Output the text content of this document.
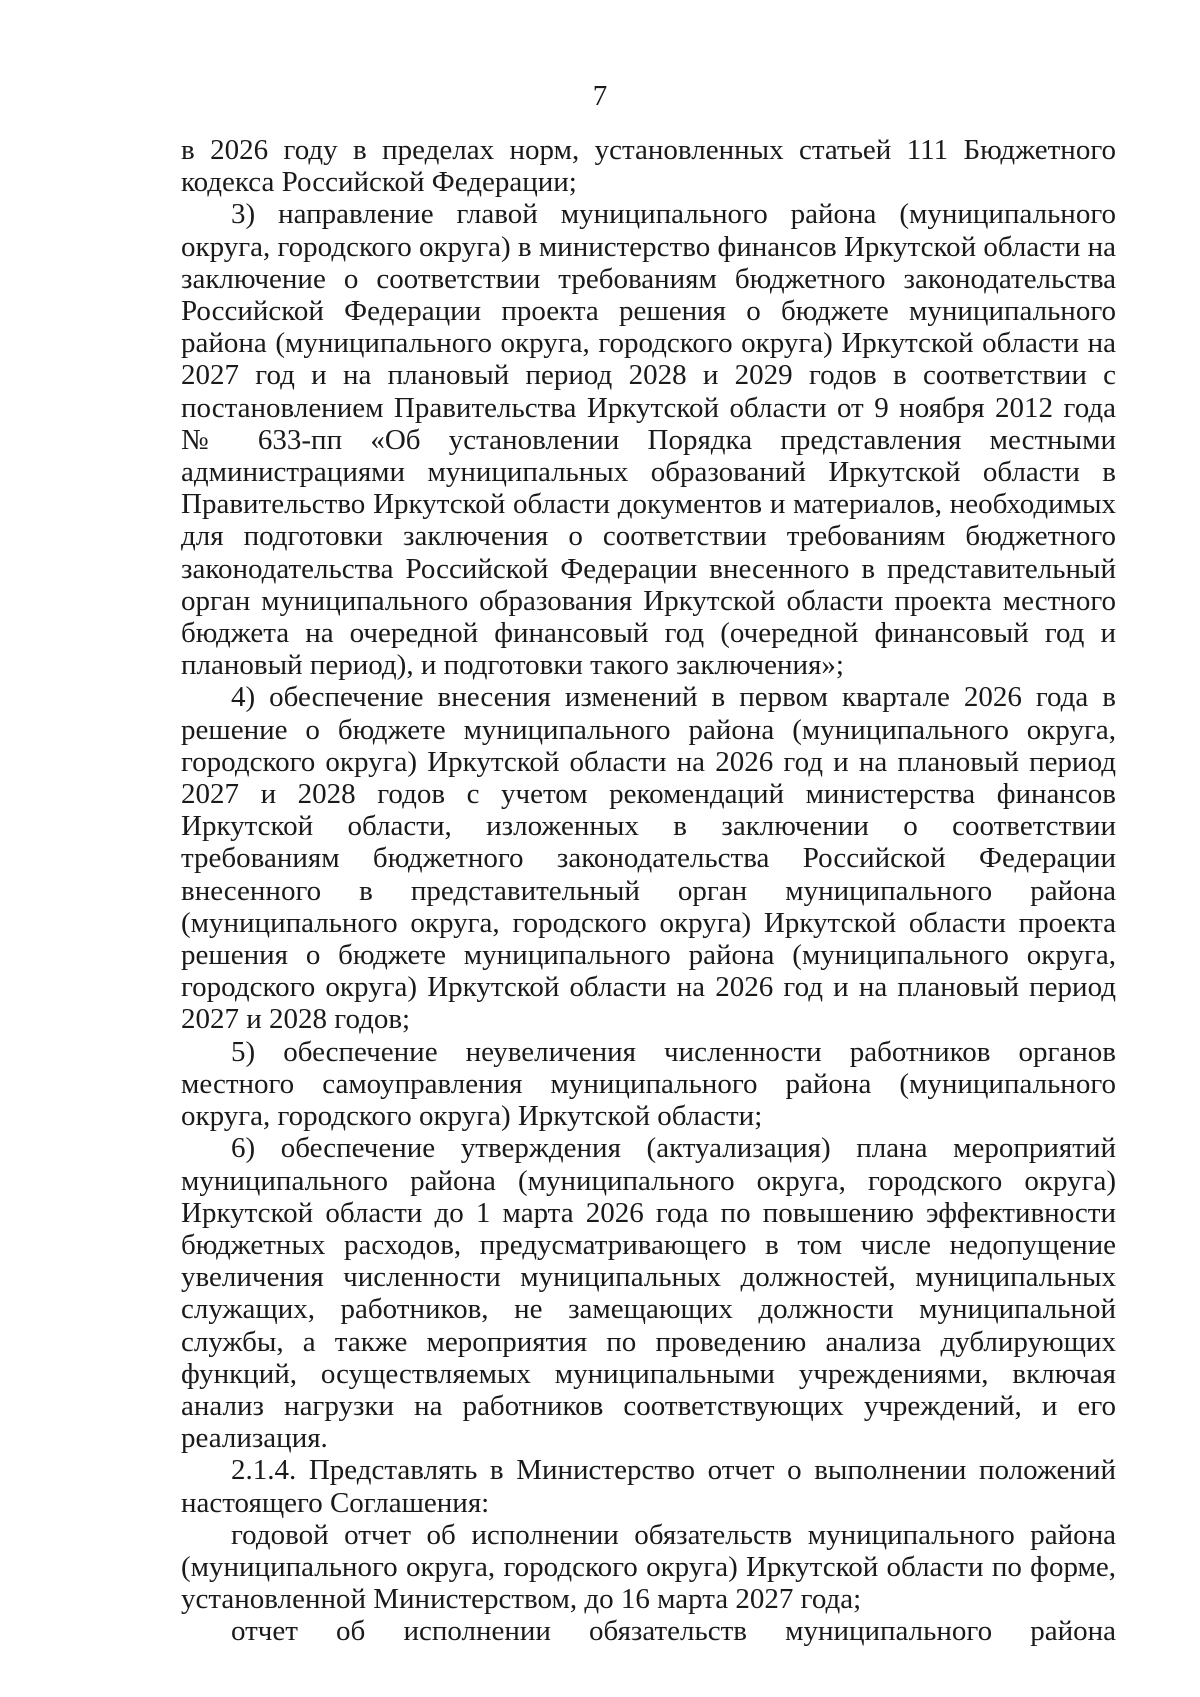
7

в 2026 году в пределах норм, установленных статьей 111 Бюджетного кодекса Российской Федерации;

3) направление главой муниципального района (муниципального округа, городского округа) в министерство финансов Иркутской области на заключение о соответствии требованиям бюджетного законодательства Российской Федерации проекта решения о бюджете муниципального района (муниципального округа, городского округа) Иркутской области на 2027 год и на плановый период 2028 и 2029 годов в соответствии с постановлением Правительства Иркутской области от 9 ноября 2012 года № 633-пп «Об установлении Порядка представления местными администрациями муниципальных образований Иркутской области в Правительство Иркутской области документов и материалов, необходимых для подготовки заключения о соответствии требованиям бюджетного законодательства Российской Федерации внесенного в представительный орган муниципального образования Иркутской области проекта местного бюджета на очередной финансовый год (очередной финансовый год и плановый период), и подготовки такого заключения»;

4) обеспечение внесения изменений в первом квартале 2026 года в решение о бюджете муниципального района (муниципального округа, городского округа) Иркутской области на 2026 год и на плановый период 2027 и 2028 годов с учетом рекомендаций министерства финансов Иркутской области, изложенных в заключении о соответствии требованиям бюджетного законодательства Российской Федерации внесенного в представительный орган муниципального района (муниципального округа, городского округа) Иркутской области проекта решения о бюджете муниципального района (муниципального округа, городского округа) Иркутской области на 2026 год и на плановый период 2027 и 2028 годов;

5) обеспечение неувеличения численности работников органов местного самоуправления муниципального района (муниципального округа, городского округа) Иркутской области;

6) обеспечение утверждения (актуализация) плана мероприятий муниципального района (муниципального округа, городского округа) Иркутской области до 1 марта 2026 года по повышению эффективности бюджетных расходов, предусматривающего в том числе недопущение увеличения численности муниципальных должностей, муниципальных служащих, работников, не замещающих должности муниципальной службы, а также мероприятия по проведению анализа дублирующих функций, осуществляемых муниципальными учреждениями, включая анализ нагрузки на работников соответствующих учреждений, и его реализация.

2.1.4. Представлять в Министерство отчет о выполнении положений настоящего Соглашения:

годовой отчет об исполнении обязательств муниципального района (муниципального округа, городского округа) Иркутской области по форме, установленной Министерством, до 16 марта 2027 года;

отчет об исполнении обязательств муниципального района
